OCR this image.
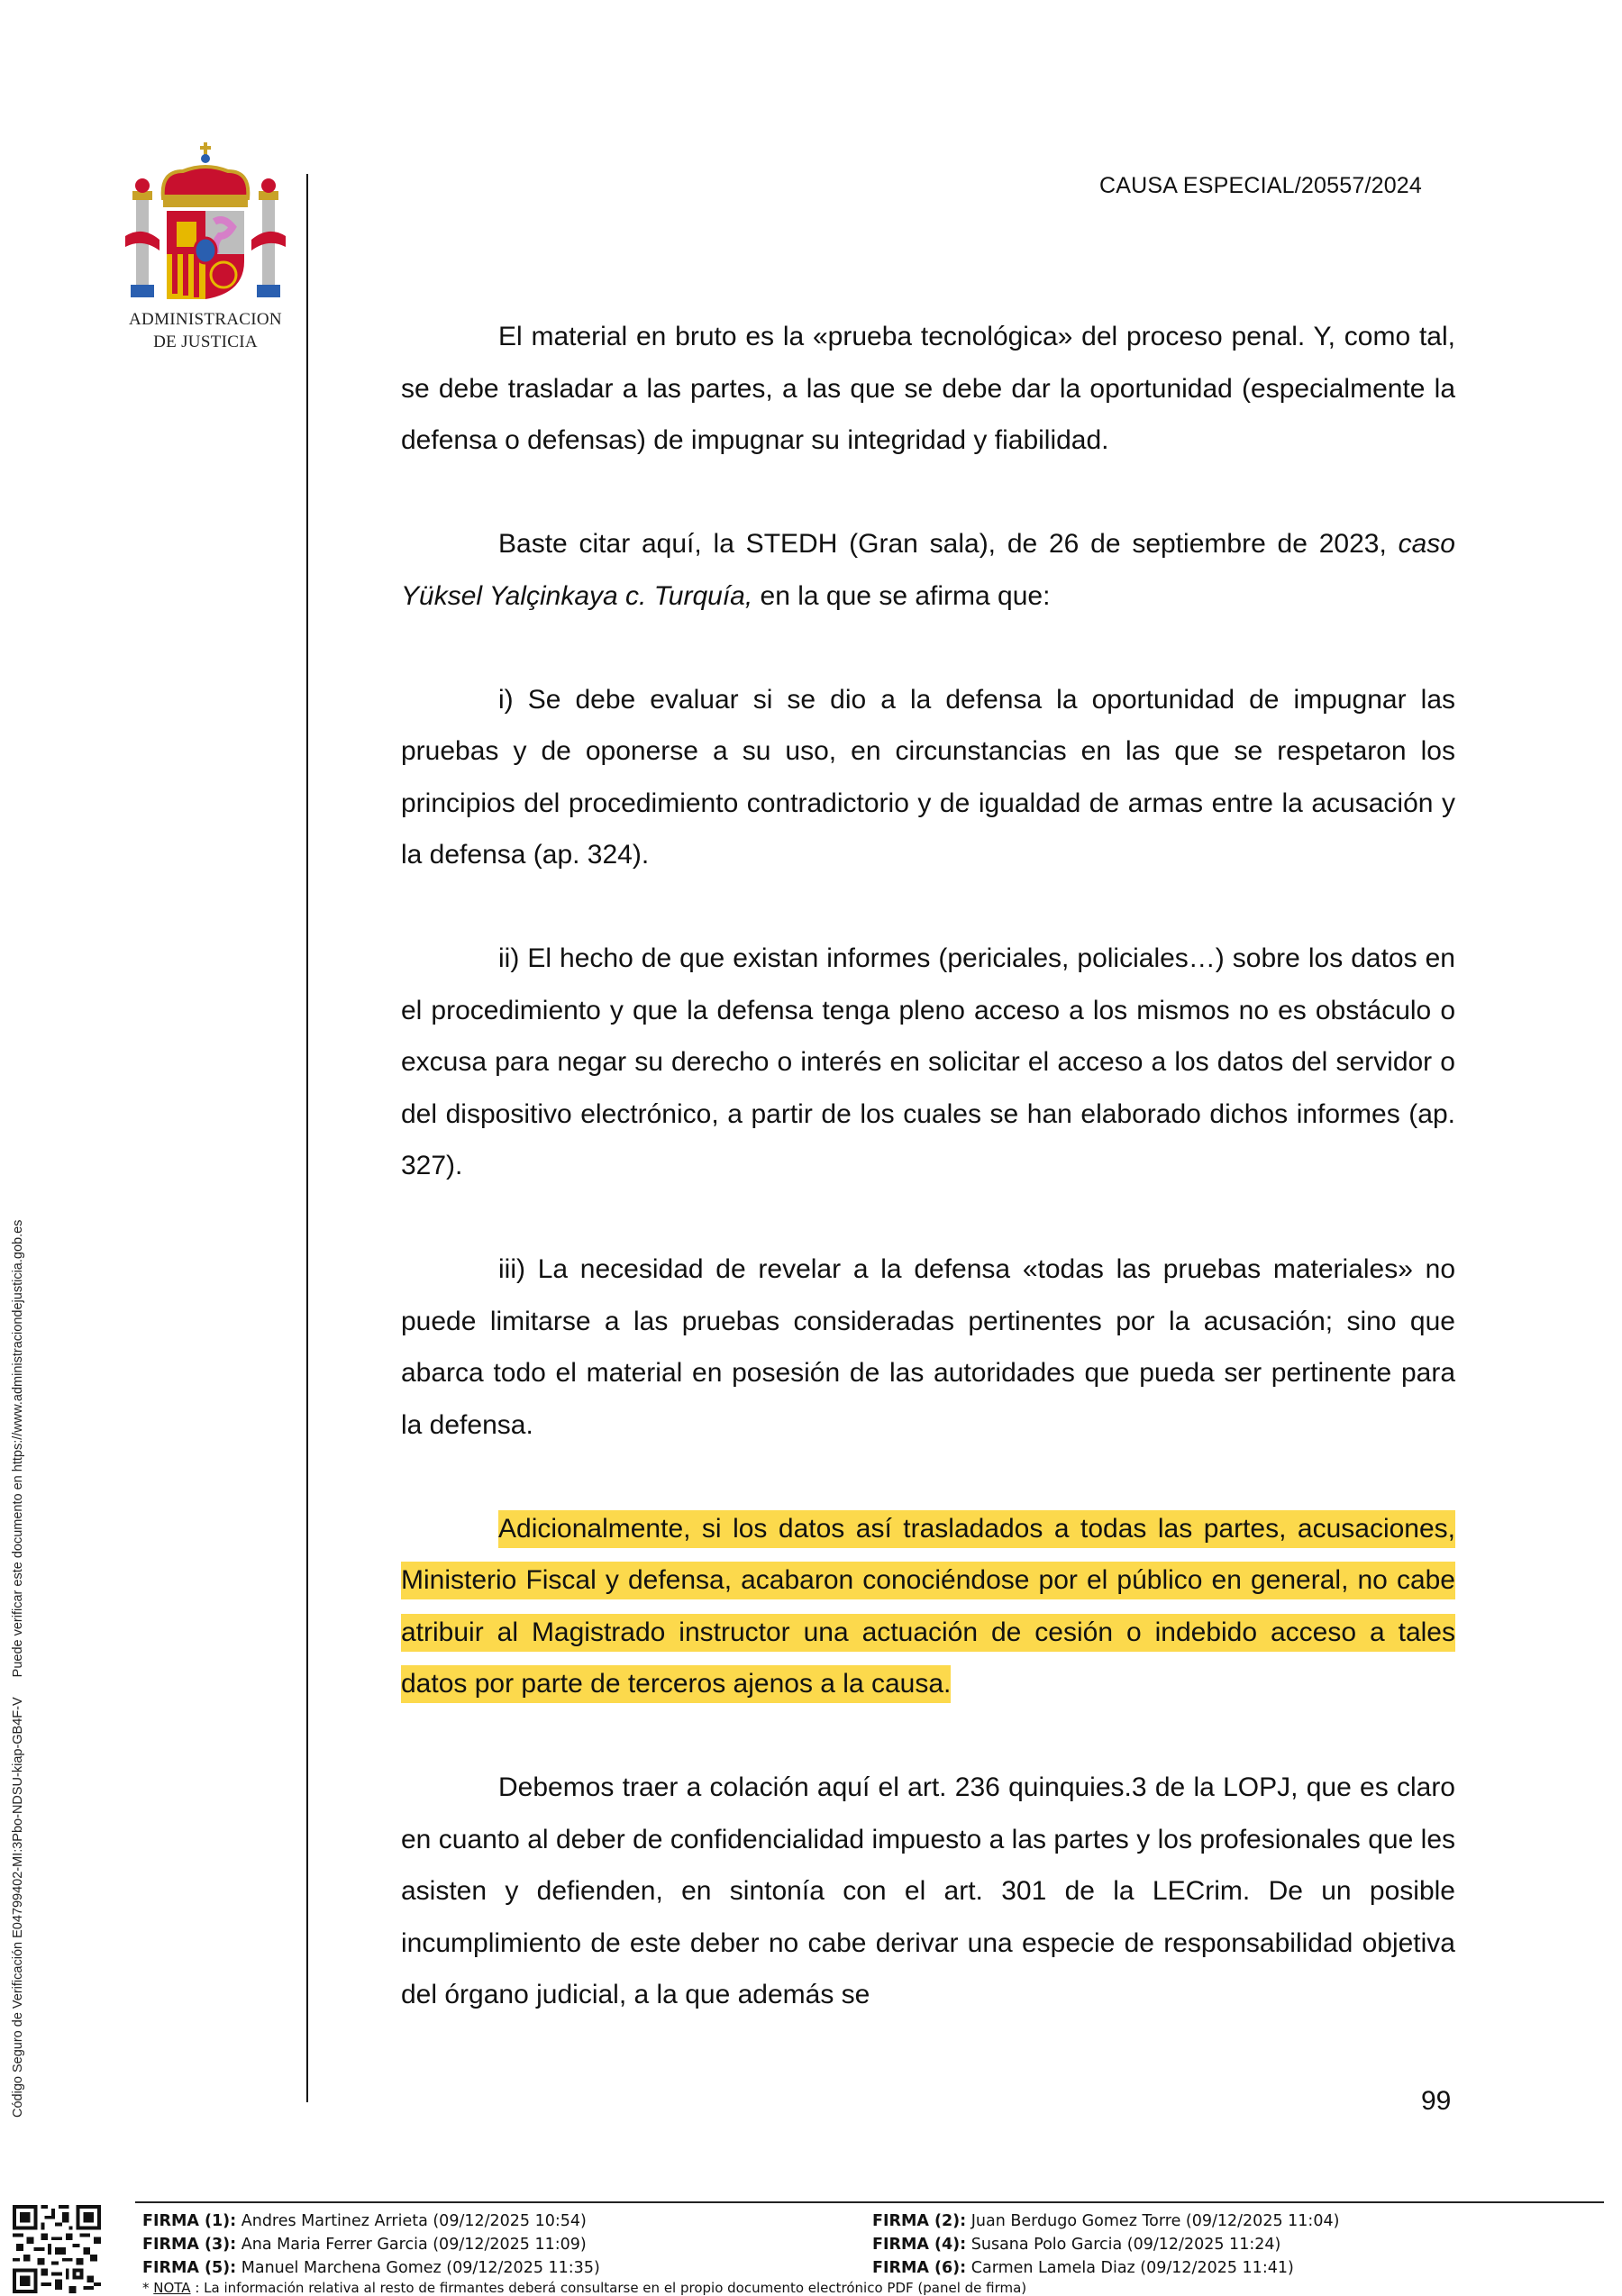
ADMINISTRACION
DE JUSTICIA
CAUSA ESPECIAL/20557/2024

El material en bruto es la «prueba tecnológica» del proceso penal. Y, como tal, se debe trasladar a las partes, a las que se debe dar la oportunidad (especialmente la defensa o defensas) de impugnar su integridad y fiabilidad.

Baste citar aquí, la STEDH (Gran sala), de 26 de septiembre de 2023, caso Yüksel Yalçinkaya c. Turquía, en la que se afirma que:

i) Se debe evaluar si se dio a la defensa la oportunidad de impugnar las pruebas y de oponerse a su uso, en circunstancias en las que se respetaron los principios del procedimiento contradictorio y de igualdad de armas entre la acusación y la defensa (ap. 324).

ii) El hecho de que existan informes (periciales, policiales…) sobre los datos en el procedimiento y que la defensa tenga pleno acceso a los mismos no es obstáculo o excusa para negar su derecho o interés en solicitar el acceso a los datos del servidor o del dispositivo electrónico, a partir de los cuales se han elaborado dichos informes (ap. 327).

iii) La necesidad de revelar a la defensa «todas las pruebas materiales» no puede limitarse a las pruebas consideradas pertinentes por la acusación; sino que abarca todo el material en posesión de las autoridades que pueda ser pertinente para la defensa.

Adicionalmente, si los datos así trasladados a todas las partes, acusaciones, Ministerio Fiscal y defensa, acabaron conociéndose por el público en general, no cabe atribuir al Magistrado instructor una actuación de cesión o indebido acceso a tales datos por parte de terceros ajenos a la causa.

Debemos traer a colación aquí el art. 236 quinquies.3 de la LOPJ, que es claro en cuanto al deber de confidencialidad impuesto a las partes y los profesionales que les asisten y defienden, en sintonía con el art. 301 de la LECrim. De un posible incumplimiento de este deber no cabe derivar una especie de responsabilidad objetiva del órgano judicial, a la que además se

99
Código Seguro de Verificación E04799402-MI:3Pbo-NDSU-kiap-GB4F-VPuede verificar este documento en https://www.administraciondejusticia.gob.es
FIRMA (1): Andres Martinez Arrieta (09/12/2025 10:54)	FIRMA (2): Juan Berdugo Gomez Torre (09/12/2025 11:04)
FIRMA (3): Ana Maria Ferrer Garcia (09/12/2025 11:09)	FIRMA (4): Susana Polo Garcia (09/12/2025 11:24)
FIRMA (5): Manuel Marchena Gomez (09/12/2025 11:35)	FIRMA (6): Carmen Lamela Diaz (09/12/2025 11:41)
* NOTA : La información relativa al resto de firmantes deberá consultarse en el propio documento electrónico PDF (panel de firma)
